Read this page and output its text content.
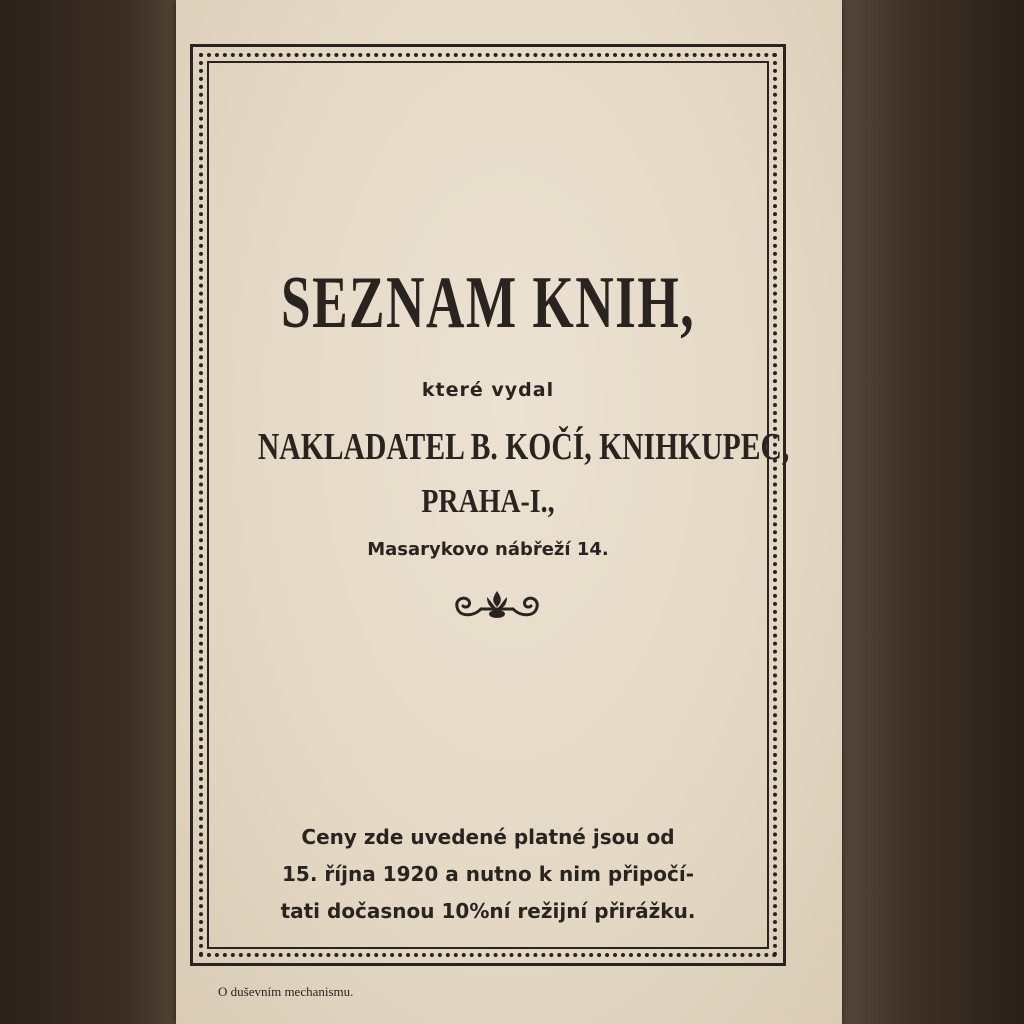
SEZNAM KNIH,
které vydal
NAKLADATEL B. KOČÍ, KNIHKUPEC,
PRAHA-I.,
Masarykovo nábřeží 14.
Ceny zde uvedené platné jsou od
15. října 1920 a nutno k nim připočí-
tati dočasnou 10%ní režijní přirážku.
O duševním mechanismu.
